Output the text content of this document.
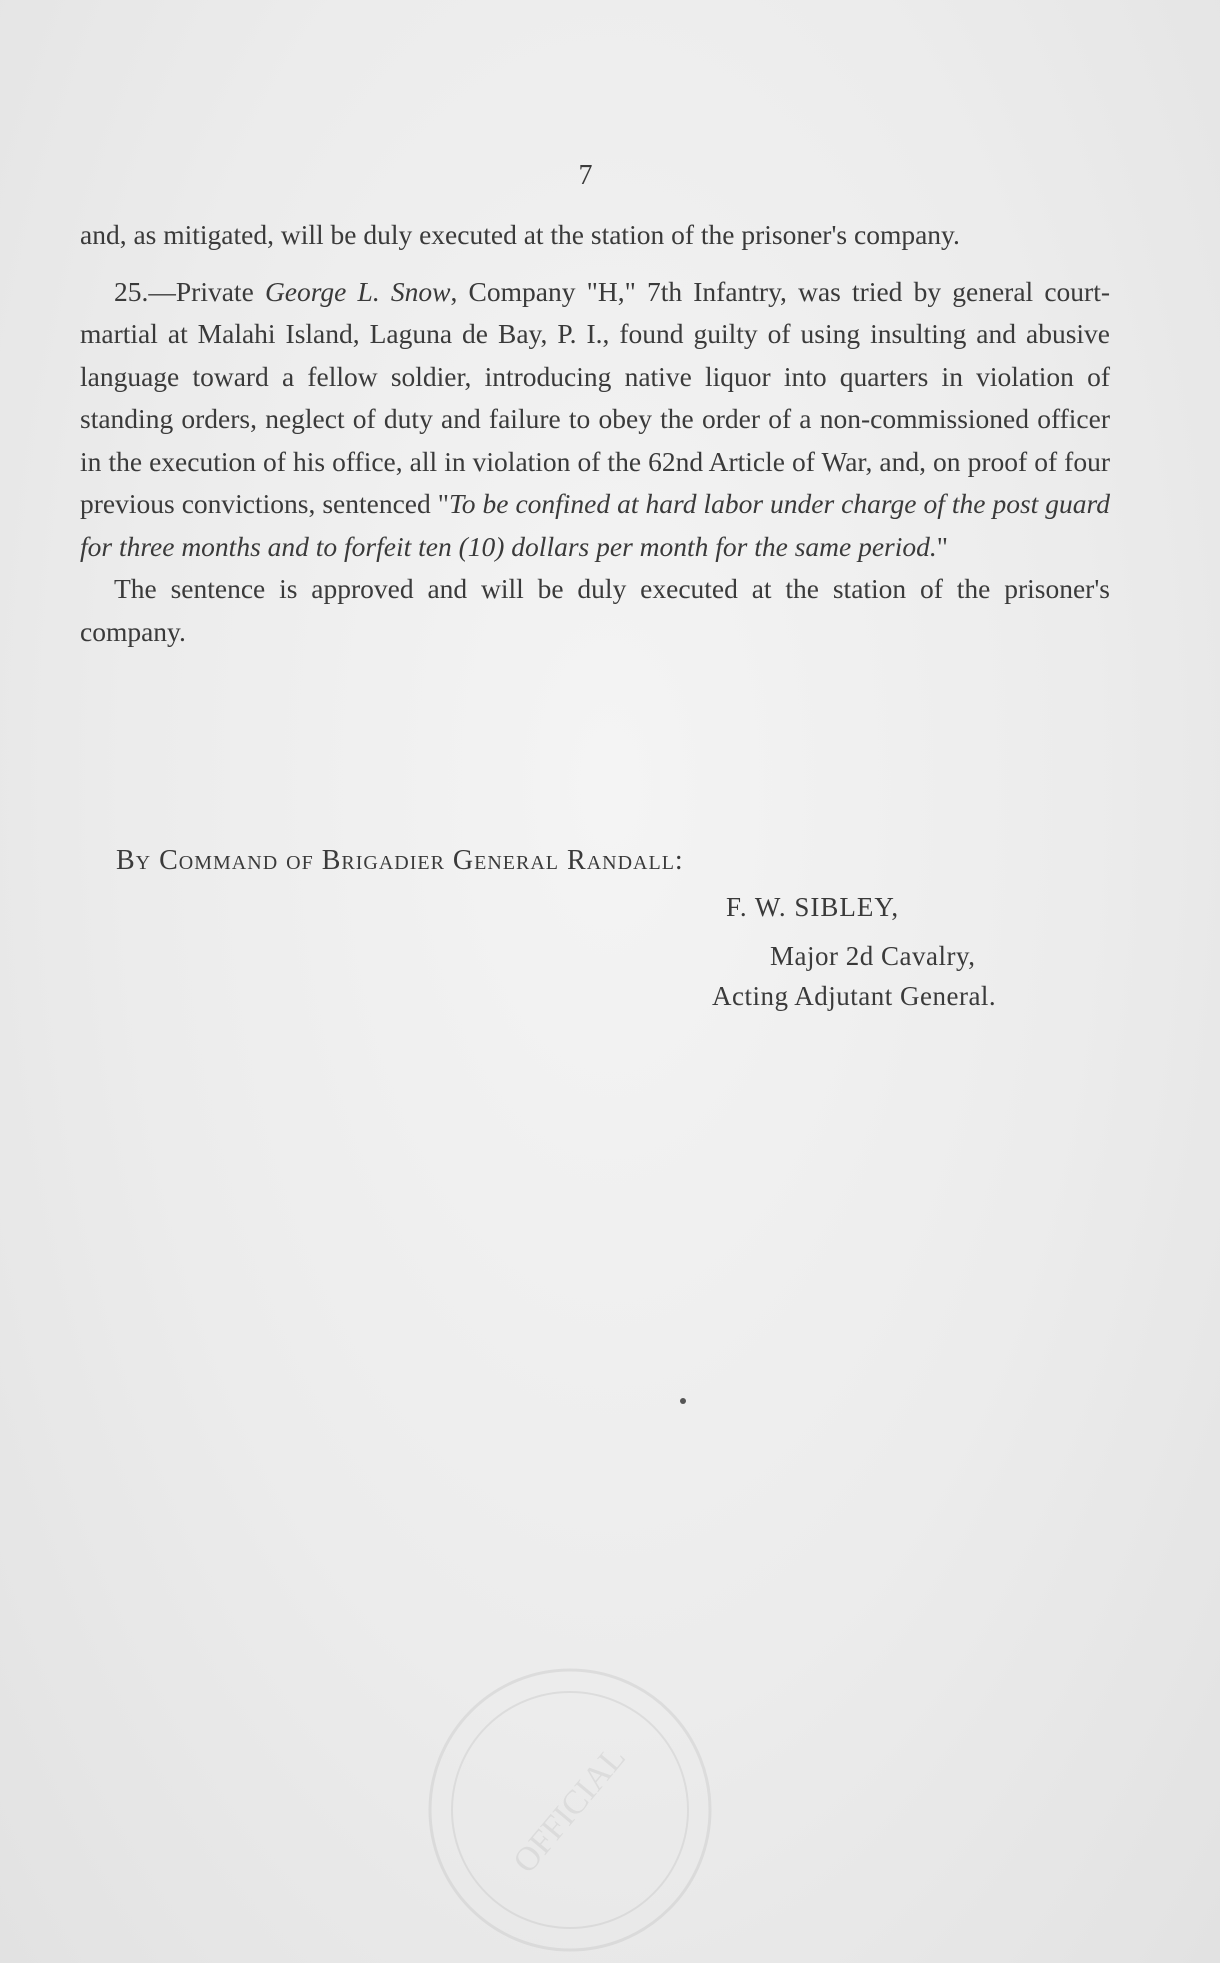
7

and, as mitigated, will be duly executed at the station of the prisoner's company.

25.—Private George L. Snow, Company "H," 7th Infantry, was tried by general court-martial at Malahi Island, Laguna de Bay, P. I., found guilty of using insulting and abusive language toward a fellow soldier, introducing native liquor into quarters in violation of standing orders, neglect of duty and failure to obey the order of a non-commissioned officer in the execution of his office, all in violation of the 62nd Article of War, and, on proof of four previous convictions, sentenced "To be confined at hard labor under charge of the post guard for three months and to forfeit ten (10) dollars per month for the same period."

The sentence is approved and will be duly executed at the station of the prisoner's company.

By Command of Brigadier General Randall:
F. W. SIBLEY,
Major 2d Cavalry,
Acting Adjutant General.
OFFICIAL
